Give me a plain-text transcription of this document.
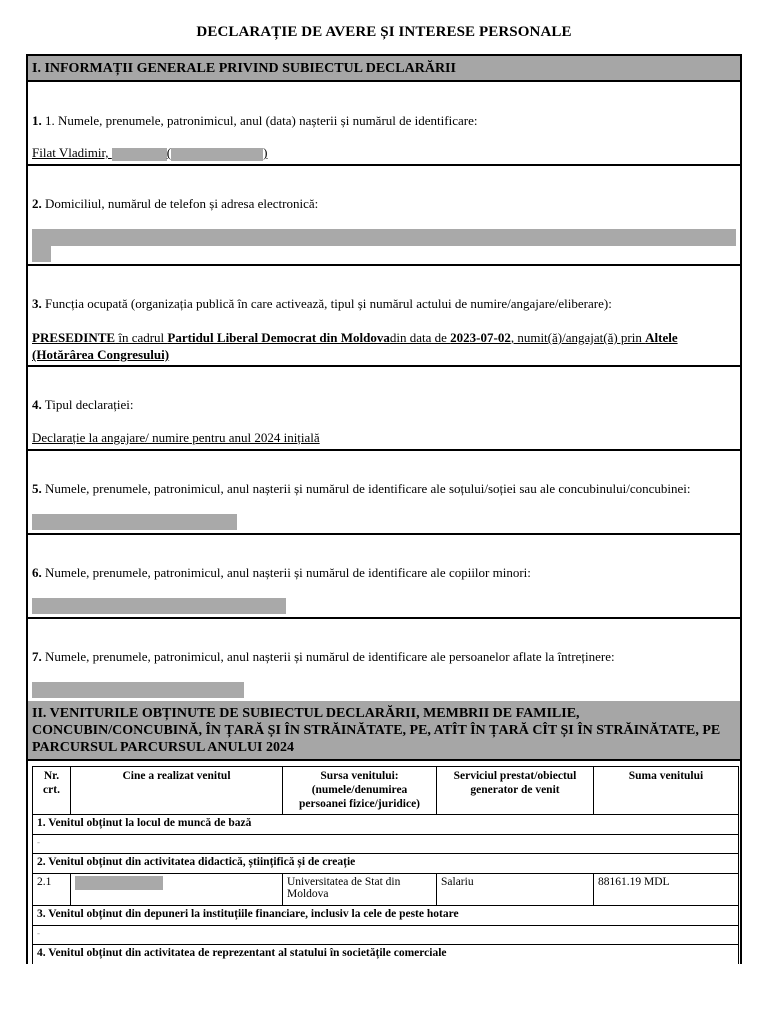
DECLARAȚIE DE AVERE ȘI INTERESE PERSONALE
I. INFORMAȚII GENERALE PRIVIND SUBIECTUL DECLARĂRII
1. 1. Numele, prenumele, patronimicul, anul (data) nașterii și numărul de identificare:
Filat Vladimir,	(	)
2. Domiciliul, numărul de telefon și adresa electronică:
3. Funcția ocupată (organizația publică în care activează, tipul și numărul actului de numire/angajare/eliberare):
PRESEDINTE în cadrul Partidul Liberal Democrat din Moldovadin data de 2023-07-02, numit(ă)/angajat(ă) prin Altele
(Hotărârea Congresului)
4. Tipul declarației:
Declarație la angajare/ numire pentru anul 2024 inițială
5. Numele, prenumele, patronimicul, anul nașterii și numărul de identificare ale soțului/soției sau ale concubinului/concubinei:
6. Numele, prenumele, patronimicul, anul nașterii și numărul de identificare ale copiilor minori:
7. Numele, prenumele, patronimicul, anul nașterii și numărul de identificare ale persoanelor aflate la întreținere:
II. VENITURILE OBȚINUTE DE SUBIECTUL DECLARĂRII, MEMBRII DE FAMILIE, CONCUBIN/CONCUBINĂ, ÎN ȚARĂ ȘI ÎN STRĂINĂTATE, PE, ATÎT ÎN ȚARĂ CÎT ȘI ÎN STRĂINĂTATE, PE PARCURSUL PARCURSUL ANULUI 2024
Nr. crt.	Cine a realizat venitul	Sursa venitului: (numele/denumirea persoanei fizice/juridice)	Serviciul prestat/obiectul generator de venit	Suma venitului
1. Venitul obținut la locul de muncă de bază				
-				
2. Venitul obținut din activitatea didactică, științifică și de creație				
2.1		Universitatea de Stat din Moldova	Salariu	88161.19 MDL
3. Venitul obținut din depuneri la instituțiile financiare, inclusiv la cele de peste hotare				
-				
4. Venitul obținut din activitatea de reprezentant al statului în societățile comerciale				
